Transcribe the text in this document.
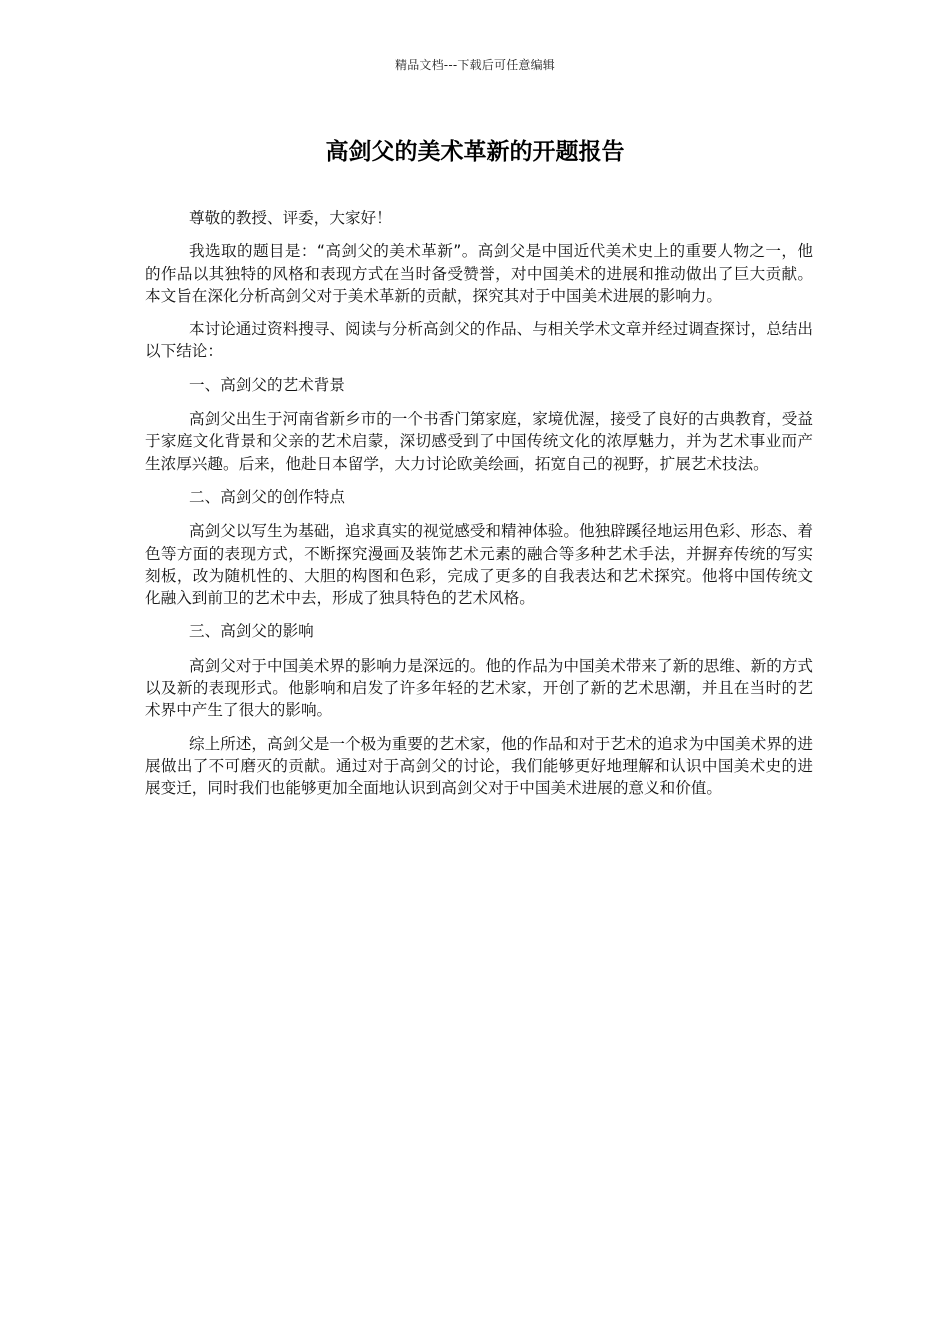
精品文档---下载后可任意编辑
高剑父的美术革新的开题报告

尊敬的教授、评委，大家好！

我选取的题目是：“高剑父的美术革新”。高剑父是中国近代美术史上的重要人物之一，他的作品以其独特的风格和表现方式在当时备受赞誉，对中国美术的进展和推动做出了巨大贡献。本文旨在深化分析高剑父对于美术革新的贡献，探究其对于中国美术进展的影响力。

本讨论通过资料搜寻、阅读与分析高剑父的作品、与相关学术文章并经过调查探讨，总结出以下结论：

一、高剑父的艺术背景

高剑父出生于河南省新乡市的一个书香门第家庭，家境优渥，接受了良好的古典教育，受益于家庭文化背景和父亲的艺术启蒙，深切感受到了中国传统文化的浓厚魅力，并为艺术事业而产生浓厚兴趣。后来，他赴日本留学，大力讨论欧美绘画，拓宽自己的视野，扩展艺术技法。

二、高剑父的创作特点

高剑父以写生为基础，追求真实的视觉感受和精神体验。他独辟蹊径地运用色彩、形态、着色等方面的表现方式，不断探究漫画及装饰艺术元素的融合等多种艺术手法，并摒弃传统的写实刻板，改为随机性的、大胆的构图和色彩，完成了更多的自我表达和艺术探究。他将中国传统文化融入到前卫的艺术中去，形成了独具特色的艺术风格。

三、高剑父的影响

高剑父对于中国美术界的影响力是深远的。他的作品为中国美术带来了新的思维、新的方式以及新的表现形式。他影响和启发了许多年轻的艺术家，开创了新的艺术思潮，并且在当时的艺术界中产生了很大的影响。

综上所述，高剑父是一个极为重要的艺术家，他的作品和对于艺术的追求为中国美术界的进展做出了不可磨灭的贡献。通过对于高剑父的讨论，我们能够更好地理解和认识中国美术史的进展变迁，同时我们也能够更加全面地认识到高剑父对于中国美术进展的意义和价值。
